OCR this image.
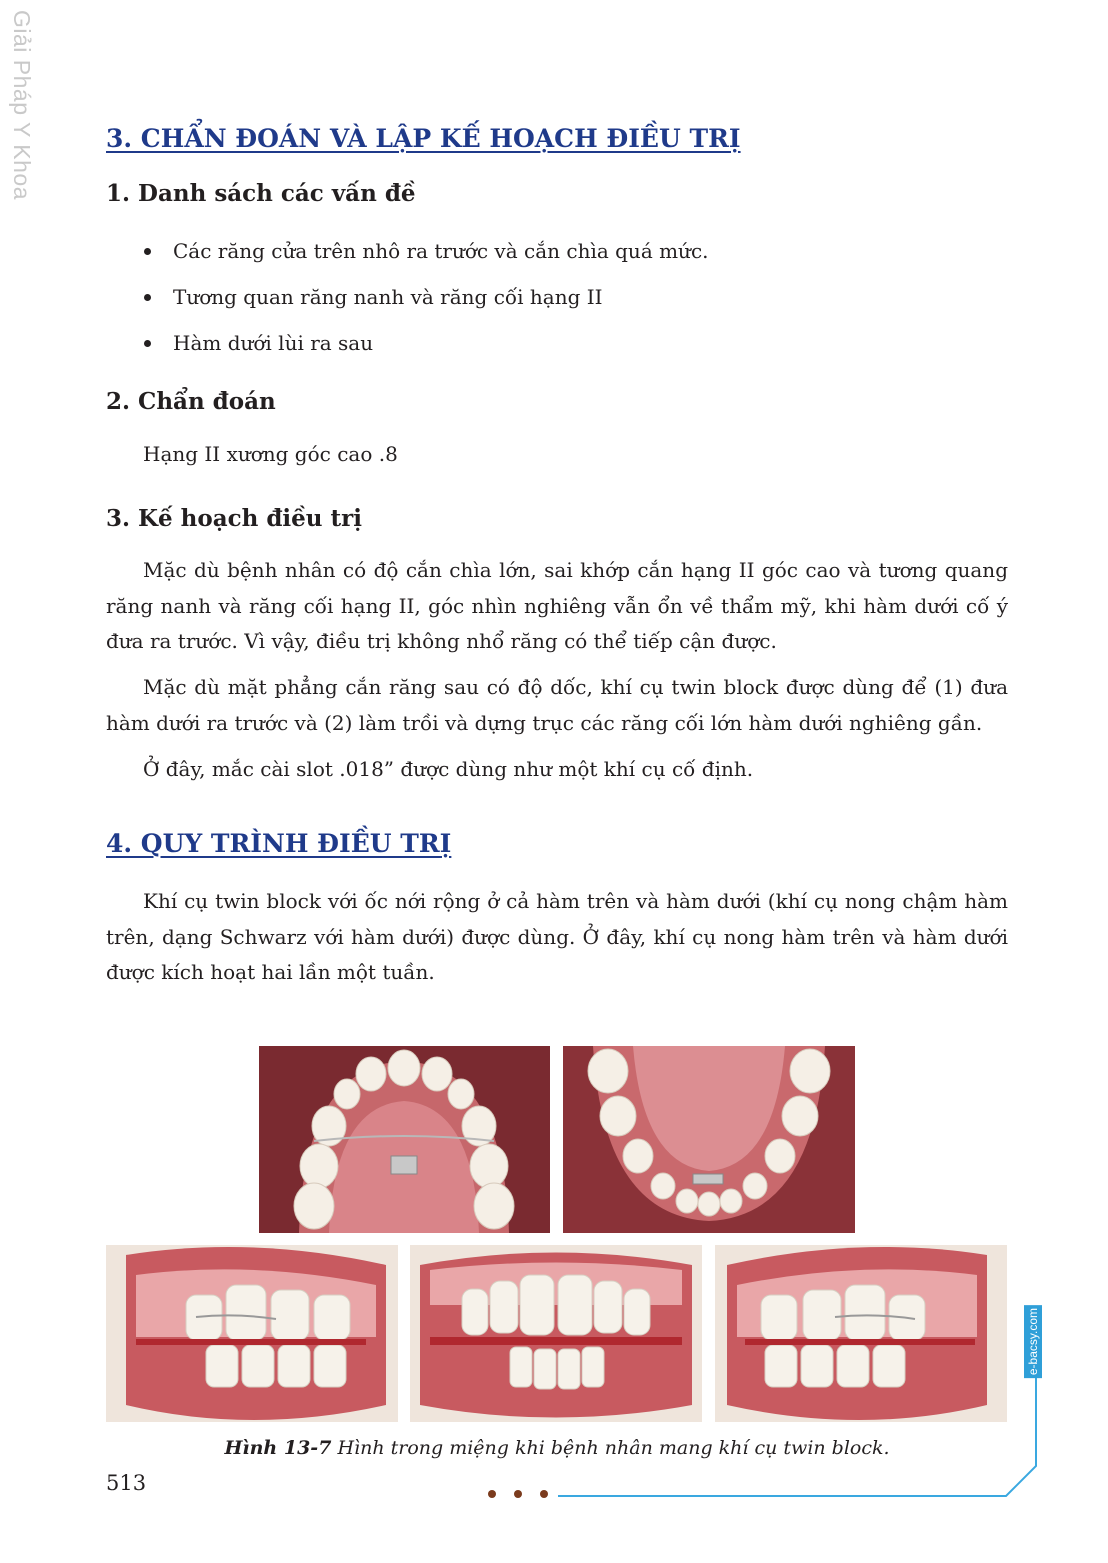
Giải Pháp Y Khoa	3. CHẨN ĐOÁN VÀ LẬP KẾ HOẠCH ĐIỀU TRỊ
1. Danh sách các vấn đề
Các răng cửa trên nhô ra trước và cắn chìa quá mức.
Tương quan răng nanh và răng cối hạng II
Hàm dưới lùi ra sau
2. Chẩn đoán
Hạng II xương góc cao .8
3. Kế hoạch điều trị

Mặc dù bệnh nhân có độ cắn chìa lớn, sai khớp cắn hạng II góc cao và tương quang răng nanh và răng cối hạng II, góc nhìn nghiêng vẫn ổn về thẩm mỹ, khi hàm dưới cố ý đưa ra trước. Vì vậy, điều trị không nhổ răng có thể tiếp cận được.

Mặc dù mặt phẳng cắn răng sau có độ dốc, khí cụ twin block được dùng để (1) đưa hàm dưới ra trước và (2) làm trồi và dựng trục các răng cối lớn hàm dưới nghiêng gần.

Ở đây, mắc cài slot .018” được dùng như một khí cụ cố định.

4. QUY TRÌNH ĐIỀU TRỊ

Khí cụ twin block với ốc nới rộng ở cả hàm trên và hàm dưới (khí cụ nong chậm hàm trên, dạng Schwarz với hàm dưới) được dùng. Ở đây, khí cụ nong hàm trên và hàm dưới được kích hoạt hai lần một tuần.

Hình 13-7 Hình trong miệng khi bệnh nhân mang khí cụ twin block.
513
e-bacsy.com
